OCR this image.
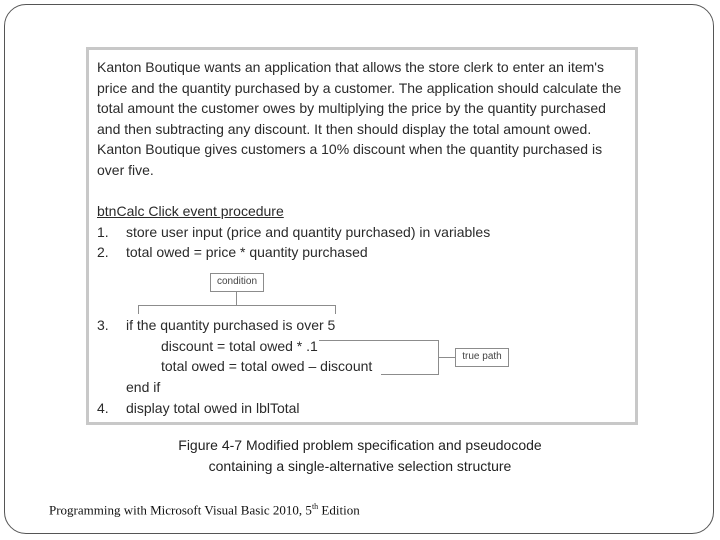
Kanton Boutique wants an application that allows the store clerk to enter an item's

price and the quantity purchased by a customer. The application should calculate the

total amount the customer owes by multiplying the price by the quantity purchased

and then subtracting any discount. It then should display the total amount owed.

Kanton Boutique gives customers a 10% discount when the quantity purchased is

over five.

btnCalc Click event procedure

1. store user input (price and quantity purchased) in variables

2. total owed = price * quantity purchased

condition

3. if the quantity purchased is over 5

discount = total owed * .1

total owed = total owed – discount

true path

end if

4. display total owed in lblTotal

Figure 4-7 Modified problem specification and pseudocode

containing a single-alternative selection structure

Programming with Microsoft Visual Basic 2010, 5th Edition
